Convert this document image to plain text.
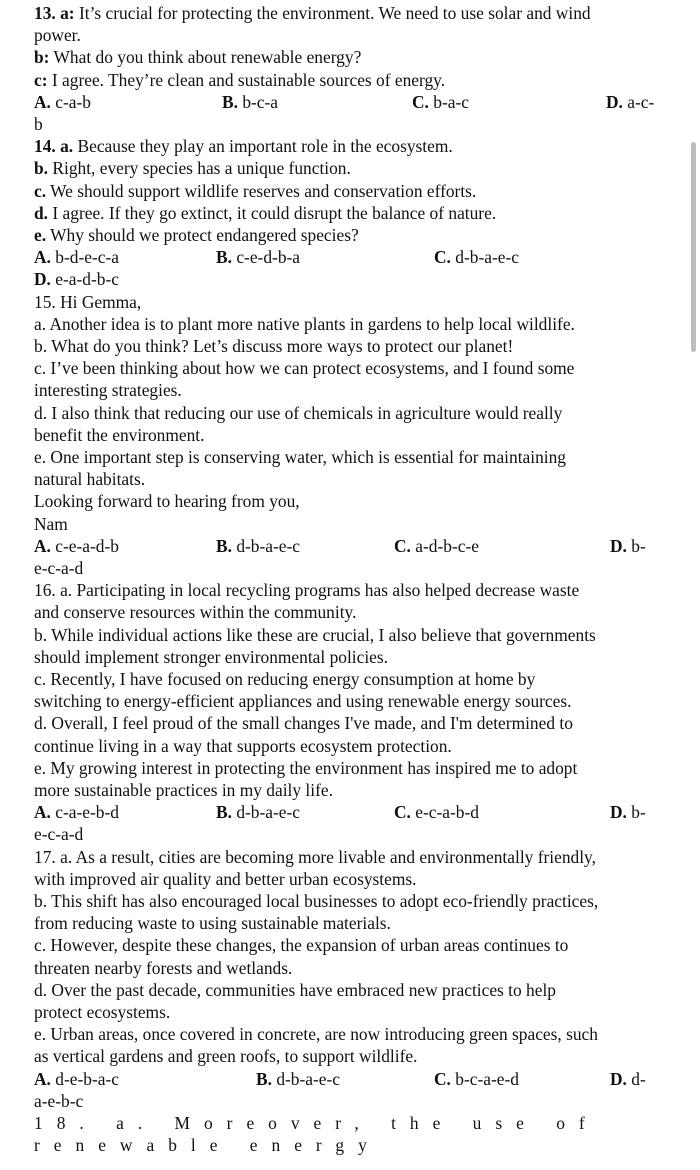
13. a: It’s crucial for protecting the environment. We need to use solar and wind
power.
b: What do you think about renewable energy?
c: I agree. They’re clean and sustainable sources of energy.
A. c-a-b	B. b-c-a	C. b-a-c	D. a-c-
b
14. a. Because they play an important role in the ecosystem.
b. Right, every species has a unique function.
c. We should support wildlife reserves and conservation efforts.
d. I agree. If they go extinct, it could disrupt the balance of nature.
e. Why should we protect endangered species?
A. b-d-e-c-a	B. c-e-d-b-a	C. d-b-a-e-c
D. e-a-d-b-c
15. Hi Gemma,
a. Another idea is to plant more native plants in gardens to help local wildlife.
b. What do you think? Let’s discuss more ways to protect our planet!
c. I’ve been thinking about how we can protect ecosystems, and I found some
interesting strategies.
d. I also think that reducing our use of chemicals in agriculture would really
benefit the environment.
e. One important step is conserving water, which is essential for maintaining
natural habitats.
Looking forward to hearing from you,
Nam
A. c-e-a-d-b	B. d-b-a-e-c	C. a-d-b-c-e	D. b-
e-c-a-d
16. a. Participating in local recycling programs has also helped decrease waste
and conserve resources within the community.
b. While individual actions like these are crucial, I also believe that governments
should implement stronger environmental policies.
c. Recently, I have focused on reducing energy consumption at home by
switching to energy-efficient appliances and using renewable energy sources.
d. Overall, I feel proud of the small changes I've made, and I'm determined to
continue living in a way that supports ecosystem protection.
e. My growing interest in protecting the environment has inspired me to adopt
more sustainable practices in my daily life.
A. c-a-e-b-d	B. d-b-a-e-c	C. e-c-a-b-d	D. b-
e-c-a-d
17. a. As a result, cities are becoming more livable and environmentally friendly,
with improved air quality and better urban ecosystems.
b. This shift has also encouraged local businesses to adopt eco-friendly practices,
from reducing waste to using sustainable materials.
c. However, despite these changes, the expansion of urban areas continues to
threaten nearby forests and wetlands.
d. Over the past decade, communities have embraced new practices to help
protect ecosystems.
e. Urban areas, once covered in concrete, are now introducing green spaces, such
as vertical gardens and green roofs, to support wildlife.
A. d-e-b-a-c	B. d-b-a-e-c	C. b-c-a-e-d	D. d-
a-e-b-c
18. a. Moreover, the use of renewable energy
